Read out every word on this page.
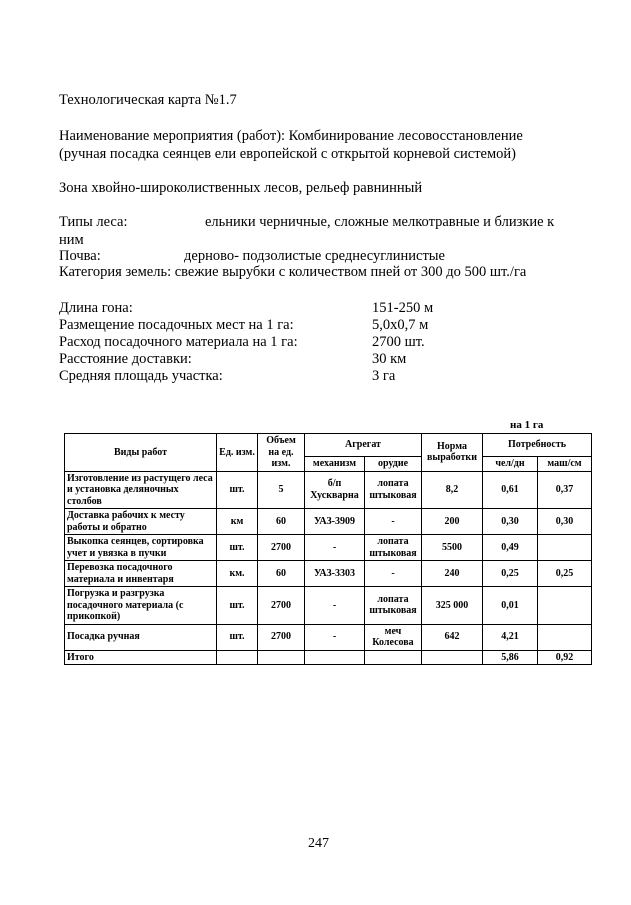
Технологическая карта №1.7
Наименование мероприятия (работ): Комбинирование лесовосстановление
(ручная посадка сеянцев ели европейской с открытой корневой системой)
Зона хвойно-широколиственных лесов, рельеф равнинный
Типы леса:	ельники черничные, сложные мелкотравные и близкие к
ним
Почва:	дерново- подзолистые среднесуглинистые
Категория земель: свежие вырубки с количеством пней от 300 до 500 шт./га
Длина гона:	151-250 м
Размещение посадочных мест на 1 га:	5,0х0,7 м
Расход посадочного материала на 1 га:	2700 шт.
Расстояние доставки:	30 км
Средняя площадь участка:	3 га
на 1 га
Виды работ	Ед. изм.	Объем на ед. изм.	Агрегат		Норма выработки	Потребность	
			механизм	орудие		чел/дн	маш/см
Изготовление из растущего леса и установка деляночных столбов	шт.	5	б/п Хускварна	лопата штыковая	8,2	0,61	0,37
Доставка рабочих к месту работы и обратно	км	60	УАЗ-3909	-	200	0,30	0,30
Выкопка сеянцев, сортировка учет и увязка в пучки	шт.	2700	-	лопата штыковая	5500	0,49	
Перевозка посадочного материала и инвентаря	км.	60	УАЗ-3303	-	240	0,25	0,25
Погрузка и разгрузка посадочного материала (с прикопкой)	шт.	2700	-	лопата штыковая	325 000	0,01	
Посадка ручная	шт.	2700	-	меч Колесова	642	4,21	
Итого						5,86	0,92
247
